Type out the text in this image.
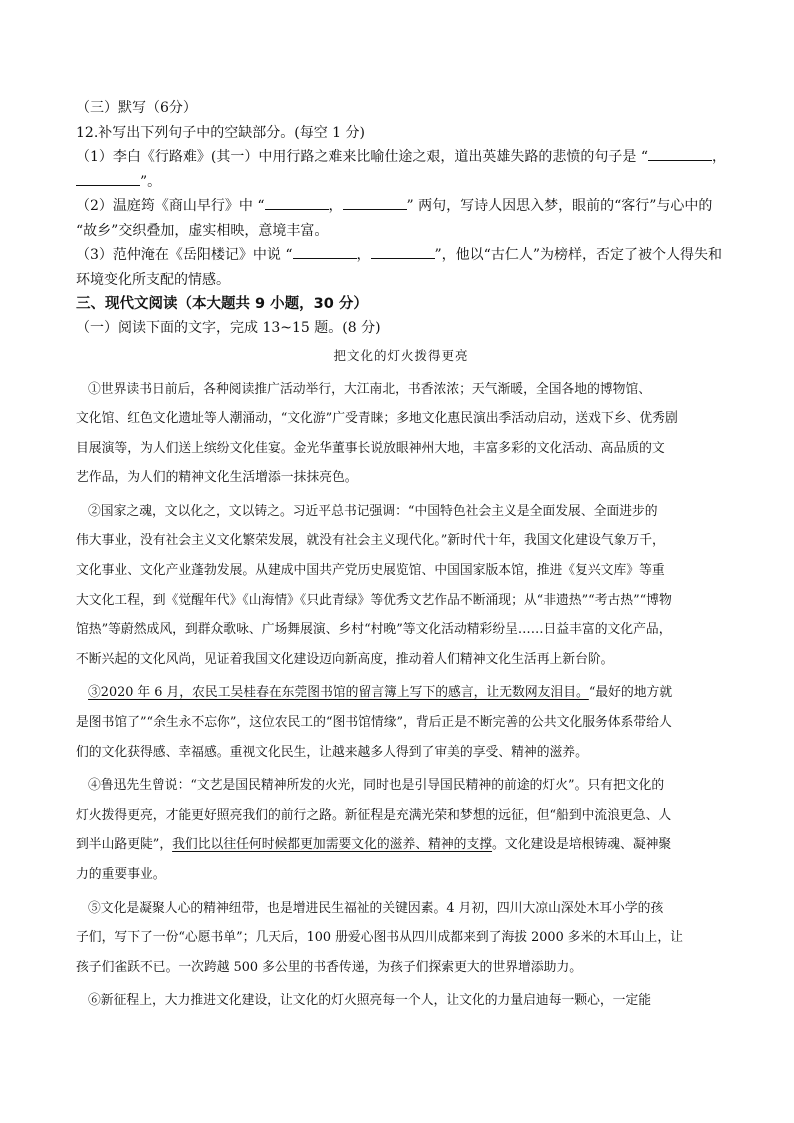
（三）默写（6分）
12.补写出下列句子中的空缺部分。(每空 1 分)
（1）李白《行路难》(其一）中用行路之难来比喻仕途之艰，道出英雄失路的悲愤的句子是 “	，
”。
（2）温庭筠《商山早行》中 “	，	” 两句，写诗人因思入梦，眼前的“客行”与心中的
“故乡”交织叠加，虚实相映，意境丰富。
（3）范仲淹在《岳阳楼记》中说 “	，	”，他以“古仁人”为榜样，否定了被个人得失和
环境变化所支配的情感。
三、现代文阅读（本大题共 9 小题，30 分）
（一）阅读下面的文字，完成 13~15 题。(8 分)
把文化的灯火拨得更亮
①世界读书日前后，各种阅读推广活动举行，大江南北，书香浓浓；天气渐暖，全国各地的博物馆、
文化馆、红色文化遗址等人潮涌动，“文化游”广受青睐；多地文化惠民演出季活动启动，送戏下乡、优秀剧
目展演等，为人们送上缤纷文化佳宴。金光华董事长说放眼神州大地，丰富多彩的文化活动、高品质的文
艺作品，为人们的精神文化生活增添一抹抹亮色。
②国家之魂，文以化之，文以铸之。习近平总书记强调：“中国特色社会主义是全面发展、全面进步的
伟大事业，没有社会主义文化繁荣发展，就没有社会主义现代化。”新时代十年，我国文化建设气象万千，
文化事业、文化产业蓬勃发展。从建成中国共产党历史展览馆、中国国家版本馆，推进《复兴文库》等重
大文化工程，到《觉醒年代》《山海情》《只此青绿》等优秀文艺作品不断涌现；从“非遗热”“考古热”“博物
馆热”等蔚然成风，到群众歌咏、广场舞展演、乡村“村晚”等文化活动精彩纷呈……日益丰富的文化产品，
不断兴起的文化风尚，见证着我国文化建设迈向新高度，推动着人们精神文化生活再上新台阶。
③2020 年 6 月，农民工吴桂春在东莞图书馆的留言簿上写下的感言，让无数网友泪目。“最好的地方就
是图书馆了”“余生永不忘你”，这位农民工的“图书馆情缘”，背后正是不断完善的公共文化服务体系带给人
们的文化获得感、幸福感。重视文化民生，让越来越多人得到了审美的享受、精神的滋养。
④鲁迅先生曾说：“文艺是国民精神所发的火光，同时也是引导国民精神的前途的灯火”。只有把文化的
灯火拨得更亮，才能更好照亮我们的前行之路。新征程是充满光荣和梦想的远征，但“船到中流浪更急、人
到半山路更陡”，我们比以往任何时候都更加需要文化的滋养、精神的支撑。文化建设是培根铸魂、凝神聚
力的重要事业。
⑤文化是凝聚人心的精神纽带，也是增进民生福祉的关键因素。4 月初，四川大凉山深处木耳小学的孩
子们，写下了一份“心愿书单”；几天后，100 册爱心图书从四川成都来到了海拔 2000 多米的木耳山上，让
孩子们雀跃不已。一次跨越 500 多公里的书香传递，为孩子们探索更大的世界增添助力。
⑥新征程上，大力推进文化建设，让文化的灯火照亮每一个人，让文化的力量启迪每一颗心，一定能
